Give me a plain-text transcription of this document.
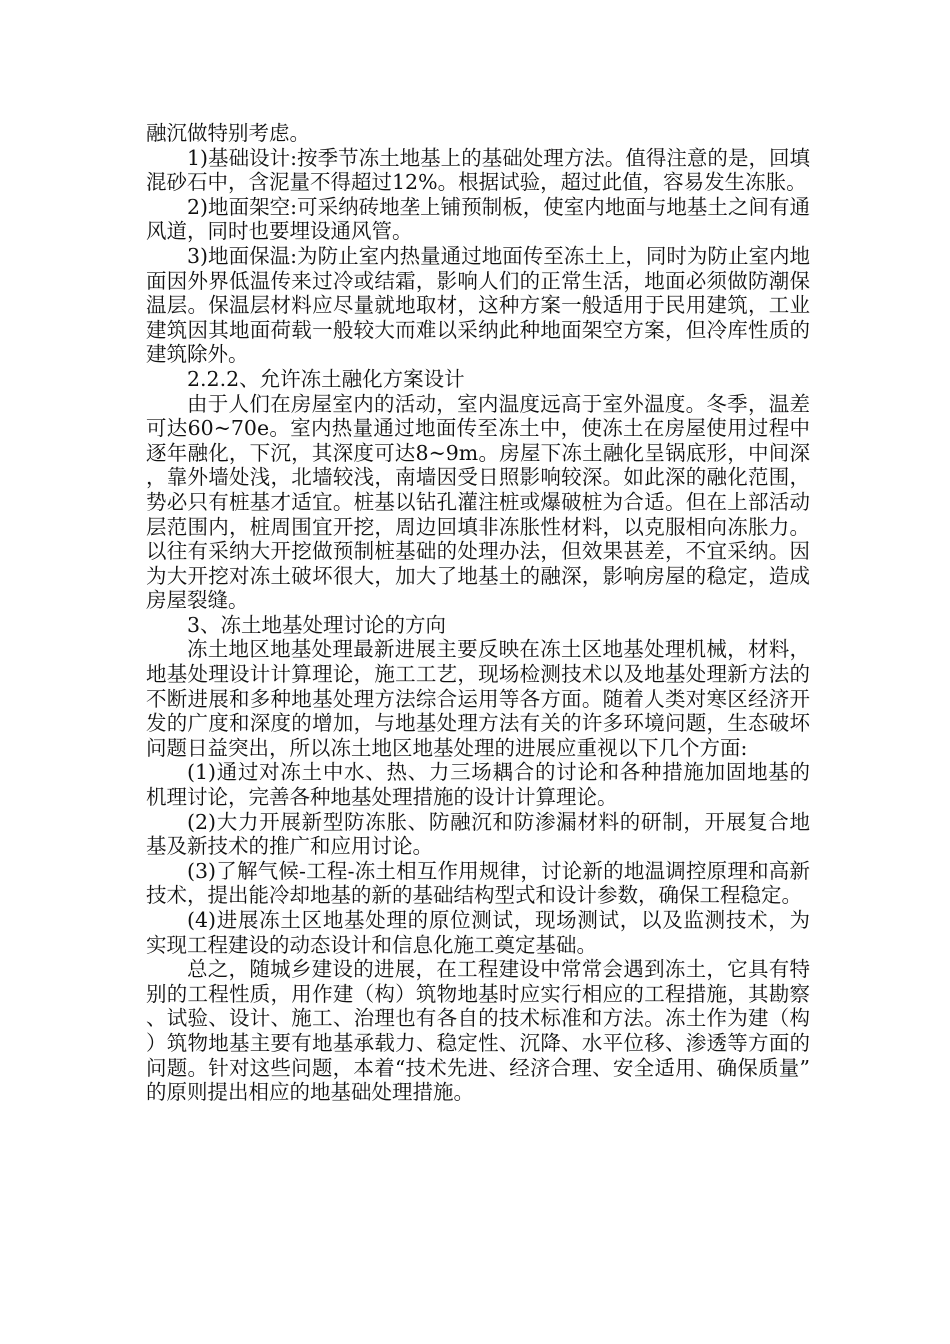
融沉做特别考虑。

1)基础设计:按季节冻土地基上的基础处理方法。值得注意的是，回填混砂石中，含泥量不得超过12%。根据试验，超过此值，容易发生冻胀。

2)地面架空:可采纳砖地垄上铺预制板，使室内地面与地基土之间有通风道，同时也要埋设通风管。

3)地面保温:为防止室内热量通过地面传至冻土上，同时为防止室内地面因外界低温传来过冷或结霜，影响人们的正常生活，地面必须做防潮保温层。保温层材料应尽量就地取材，这种方案一般适用于民用建筑，工业建筑因其地面荷载一般较大而难以采纳此种地面架空方案，但冷库性质的建筑除外。

2.2.2、允许冻土融化方案设计

由于人们在房屋室内的活动，室内温度远高于室外温度。冬季，温差可达60~70e。室内热量通过地面传至冻土中，使冻土在房屋使用过程中逐年融化，下沉，其深度可达8~9m。房屋下冻土融化呈锅底形，中间深，靠外墙处浅，北墙较浅，南墙因受日照影响较深。如此深的融化范围，势必只有桩基才适宜。桩基以钻孔灌注桩或爆破桩为合适。但在上部活动层范围内，桩周围宜开挖，周边回填非冻胀性材料，以克服相向冻胀力。以往有采纳大开挖做预制桩基础的处理办法，但效果甚差，不宜采纳。因为大开挖对冻土破坏很大，加大了地基土的融深，影响房屋的稳定，造成房屋裂缝。

3、冻土地基处理讨论的方向

冻土地区地基处理最新进展主要反映在冻土区地基处理机械，材料，地基处理设计计算理论，施工工艺，现场检测技术以及地基处理新方法的不断进展和多种地基处理方法综合运用等各方面。随着人类对寒区经济开发的广度和深度的增加，与地基处理方法有关的许多环境问题，生态破坏问题日益突出，所以冻土地区地基处理的进展应重视以下几个方面:

(1)通过对冻土中水、热、力三场耦合的讨论和各种措施加固地基的机理讨论，完善各种地基处理措施的设计计算理论。

(2)大力开展新型防冻胀、防融沉和防渗漏材料的研制，开展复合地基及新技术的推广和应用讨论。

(3)了解气候-工程-冻土相互作用规律，讨论新的地温调控原理和高新技术，提出能冷却地基的新的基础结构型式和设计参数，确保工程稳定。

(4)进展冻土区地基处理的原位测试，现场测试，以及监测技术，为实现工程建设的动态设计和信息化施工奠定基础。

总之，随城乡建设的进展，在工程建设中常常会遇到冻土，它具有特别的工程性质，用作建（构）筑物地基时应实行相应的工程措施，其勘察、试验、设计、施工、治理也有各自的技术标准和方法。冻土作为建（构）筑物地基主要有地基承载力、稳定性、沉降、水平位移、渗透等方面的问题。针对这些问题，本着“技术先进、经济合理、安全适用、确保质量”的原则提出相应的地基础处理措施。
